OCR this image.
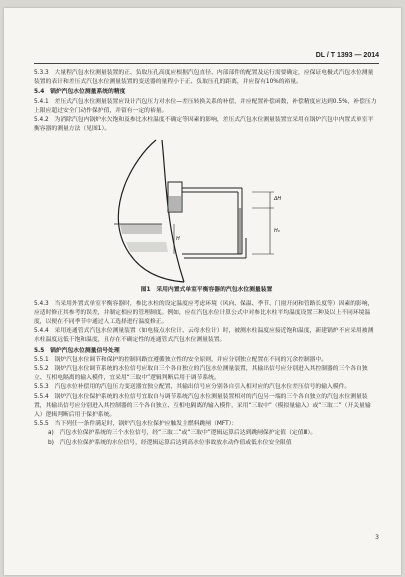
DL / T 1393 — 2014

5.3.3　大量程汽包水位测量装置的正、负取压孔高度应根据汽包直径、内部部件的配置及运行需要确定，应保证电极式汽包水位测量装置的表计和差压式汽包水位测量装置的变送器的量程小于正、负取压孔的距离，并应留有10%的裕量。

5.4　锅炉汽包水位测量系统的精度

5.4.1　差压式汽包水位测量装置应设计汽包压力对水位—差压转换关系的补偿，并应配置补偿函数，补偿精度应达到0.5%，补偿压力上限应超过安全门动作保护值，并留有一定的裕量。

5.4.2　为消除汽包内锅炉水欠饱和及参比水柱温度不确定等因素的影响，差压式汽包水位测量装置宜采用在锅炉汽包中内置式单室平衡容器的测量方法（见图1）。

ΔH
H₀
H
图1　采用内置式单室平衡容器的汽包水位测量装置

5.4.3　当采用外置式单室平衡容器时，参比水柱的设定温度应考虑环境（风向、保温、季节、门窗开闭和管路长度等）因素的影响，应适时修正其参考的误差，并制定相应的管理制度。例如，应在汽包水位计算公式中对参比水柱平均温度设置三种及以上不同环境温度，以便在不同季节中通过人工选择进行温度修正。

5.4.4　采用连通管式汽包水位测量装置（如电接点水位计、云母水位计）时，被测水柱温度应接近饱和温度，新建锅炉不应采用被测水柱温度远低于饱和温度，且存在不确定性的连通管式汽包水位测量装置。

5.5　锅炉汽包水位测量信号处理

5.5.1　锅炉汽包水位调节和保护的控制回路宜遵循独立性的安全原则，并应分别独立配置在不同的冗余控制器中。

5.5.2　锅炉汽包水位调节系统的水位信号应取自三个各自独立的汽包水位测量装置，其输出信号应分别进入其控制器的三个各自独立、互相电隔离的输入模件，宜采用“三取中”逻辑判断后用于调节系统。

5.5.3　汽包水位补偿用的汽包压力变送器宜独立配置，其输出信号应分别各自引入相对应的汽包水位差压信号的输入模件。

5.5.4　锅炉汽包水位保护系统的水位信号宜取自与调节系统汽包水位测量装置相对的汽包另一端的三个各自独立的汽包水位测量装置，其输出信号应分别进入其控制器的三个各自独立、互相电隔离的输入模件，采用“三取中”（模拟量输入）或“三取二”（开关量输入）逻辑判断后用于保护系统。

5.5.5　当下列任一条件满足时，锅炉汽包水位保护应触发主燃料跳闸（MFT）：

a)　汽包水位保护系统的三个水位信号，经“三取二”或“三取中”逻辑运算后达到跳闸保护定值（定值Ⅲ）。

b)　汽包水位保护系统的水位信号，经逻辑运算后达到高水位事故放水动作值或低水位安全限值

3
